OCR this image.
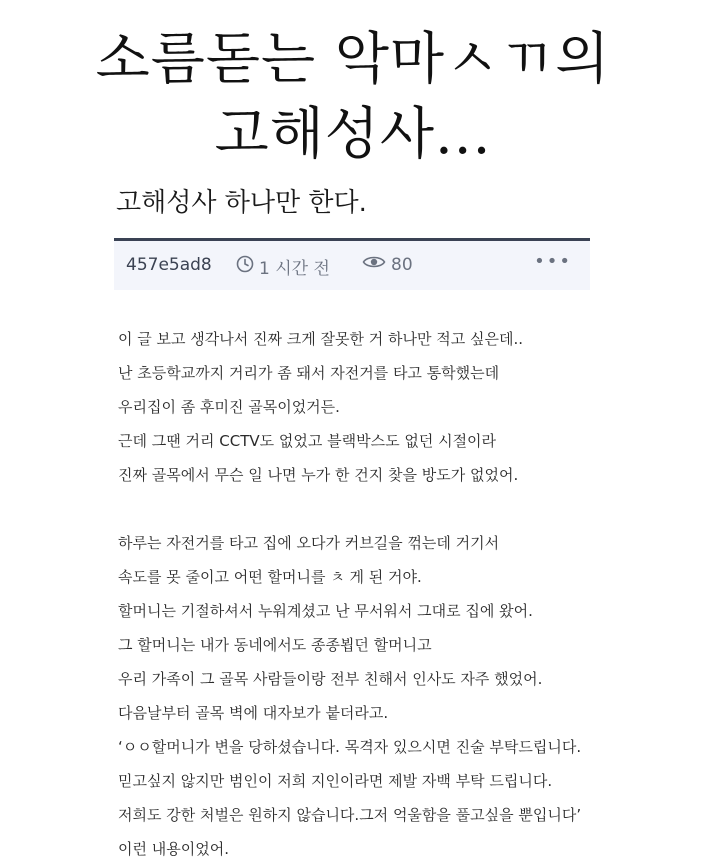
소름돋는 악마ㅅㄲ의
고해성사...
고해성사 하나만 한다.
457e5ad8	1 시간 전	80	•••
이 글 보고 생각나서 진짜 크게 잘못한 거 하나만 적고 싶은데..
난 초등학교까지 거리가 좀 돼서 자전거를 타고 통학했는데
우리집이 좀 후미진 골목이었거든.
근데 그땐 거리 CCTV도 없었고 블랙박스도 없던 시절이라
진짜 골목에서 무슨 일 나면 누가 한 건지 찾을 방도가 없었어.
하루는 자전거를 타고 집에 오다가 커브길을 꺾는데 거기서
속도를 못 줄이고 어떤 할머니를 ㅊ 게 된 거야.
할머니는 기절하셔서 누워계셨고 난 무서워서 그대로 집에 왔어.
그 할머니는 내가 동네에서도 종종뵙던 할머니고
우리 가족이 그 골목 사람들이랑 전부 친해서 인사도 자주 했었어.
다음날부터 골목 벽에 대자보가 붙더라고.
‘ㅇㅇ할머니가 변을 당하셨습니다. 목격자 있으시면 진술 부탁드립니다.
믿고싶지 않지만 범인이 저희 지인이라면 제발 자백 부탁 드립니다.
저희도 강한 처벌은 원하지 않습니다.그저 억울함을 풀고싶을 뿐입니다’
이런 내용이었어.
